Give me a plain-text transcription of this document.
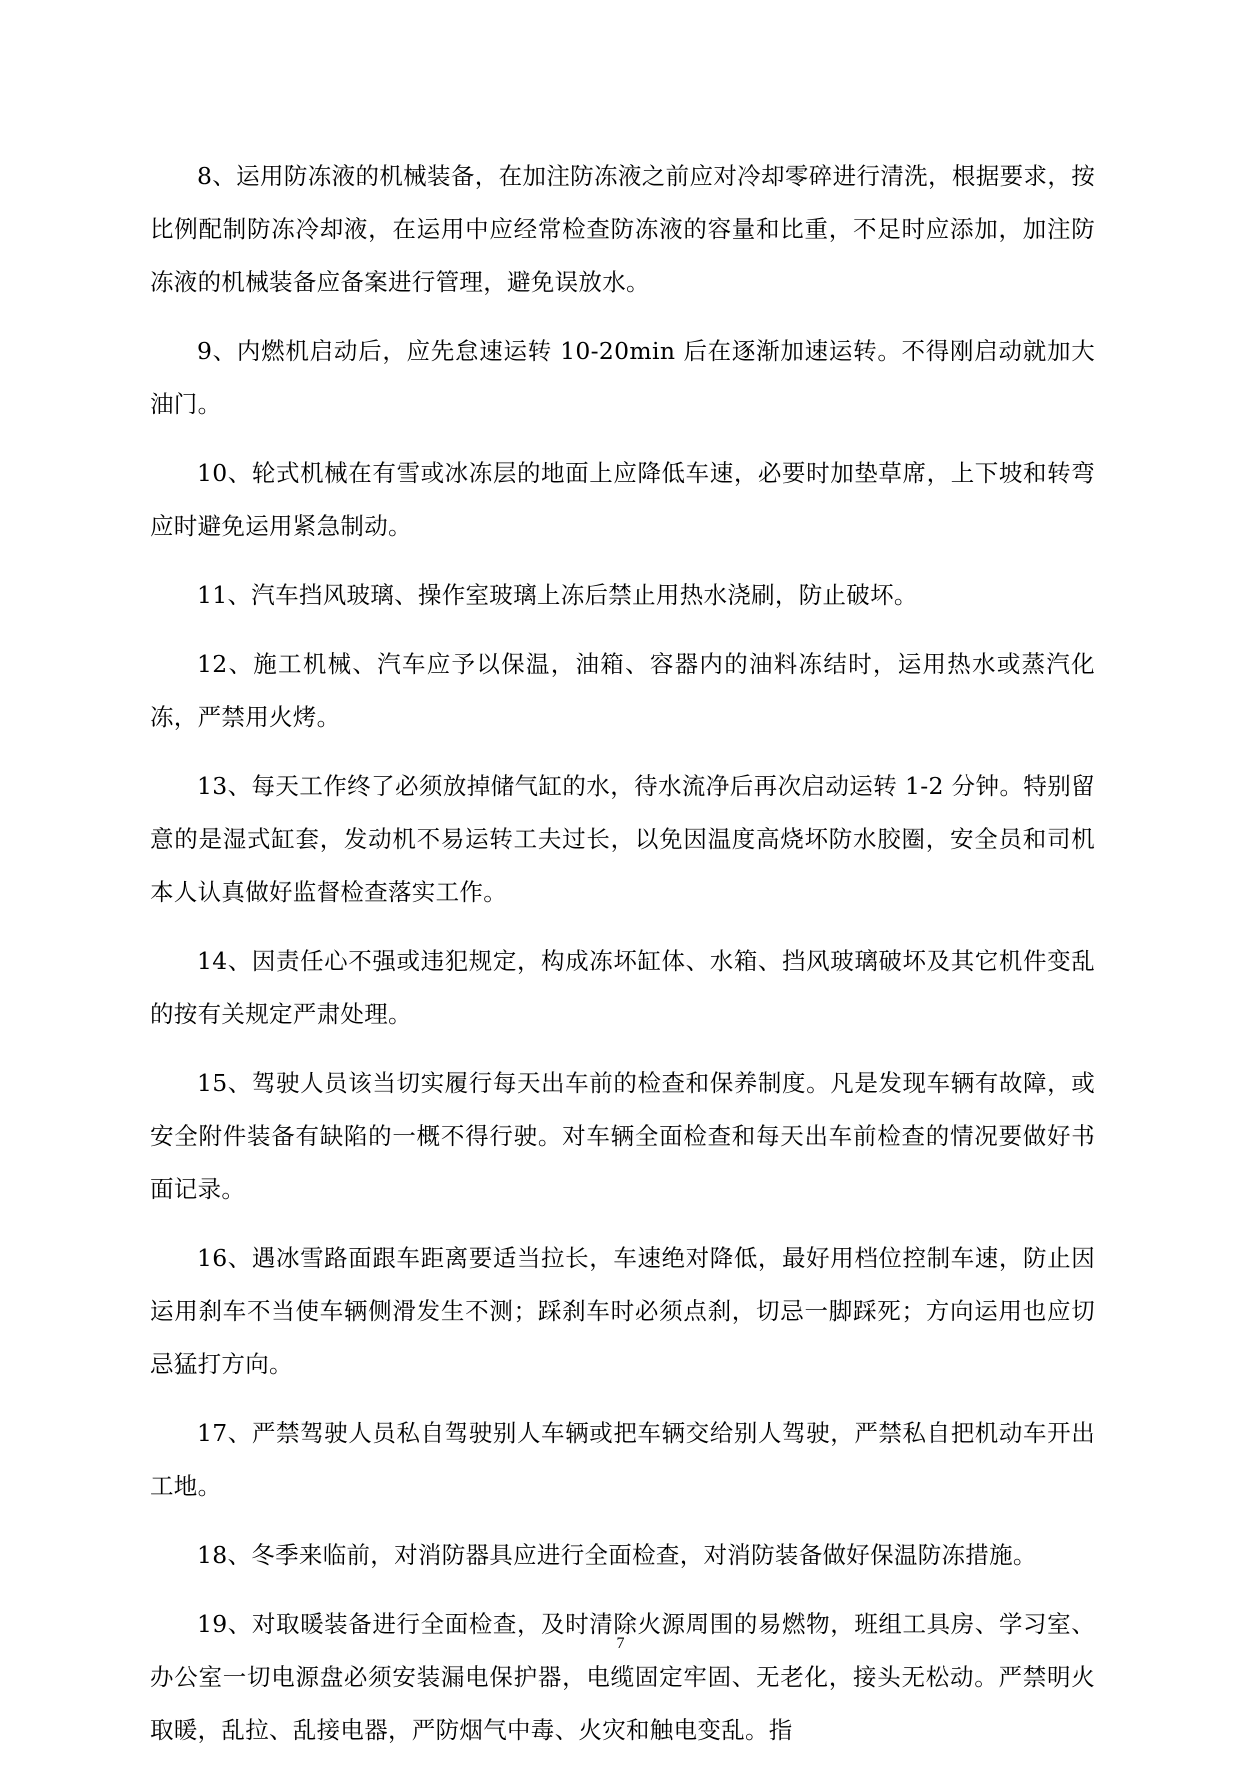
8、运用防冻液的机械装备，在加注防冻液之前应对冷却零碎进行清洗，根据要求，按比例配制防冻冷却液，在运用中应经常检查防冻液的容量和比重，不足时应添加，加注防冻液的机械装备应备案进行管理，避免误放水。

9、内燃机启动后，应先怠速运转 10-20min 后在逐渐加速运转。不得刚启动就加大油门。

10、轮式机械在有雪或冰冻层的地面上应降低车速，必要时加垫草席，上下坡和转弯应时避免运用紧急制动。

11、汽车挡风玻璃、操作室玻璃上冻后禁止用热水浇刷，防止破坏。

12、施工机械、汽车应予以保温，油箱、容器内的油料冻结时，运用热水或蒸汽化冻，严禁用火烤。

13、每天工作终了必须放掉储气缸的水，待水流净后再次启动运转 1-2 分钟。特别留意的是湿式缸套，发动机不易运转工夫过长，以免因温度高烧坏防水胶圈，安全员和司机本人认真做好监督检查落实工作。

14、因责任心不强或违犯规定，构成冻坏缸体、水箱、挡风玻璃破坏及其它机件变乱的按有关规定严肃处理。

15、驾驶人员该当切实履行每天出车前的检查和保养制度。凡是发现车辆有故障，或安全附件装备有缺陷的一概不得行驶。对车辆全面检查和每天出车前检查的情况要做好书面记录。

16、遇冰雪路面跟车距离要适当拉长，车速绝对降低，最好用档位控制车速，防止因运用刹车不当使车辆侧滑发生不测；踩刹车时必须点刹，切忌一脚踩死；方向运用也应切忌猛打方向。

17、严禁驾驶人员私自驾驶别人车辆或把车辆交给别人驾驶，严禁私自把机动车开出工地。

18、冬季来临前，对消防器具应进行全面检查，对消防装备做好保温防冻措施。

19、对取暖装备进行全面检查，及时清除火源周围的易燃物，班组工具房、学习室、办公室一切电源盘必须安装漏电保护器，电缆固定牢固、无老化，接头无松动。严禁明火取暖，乱拉、乱接电器，严防烟气中毒、火灾和触电变乱。指

7
